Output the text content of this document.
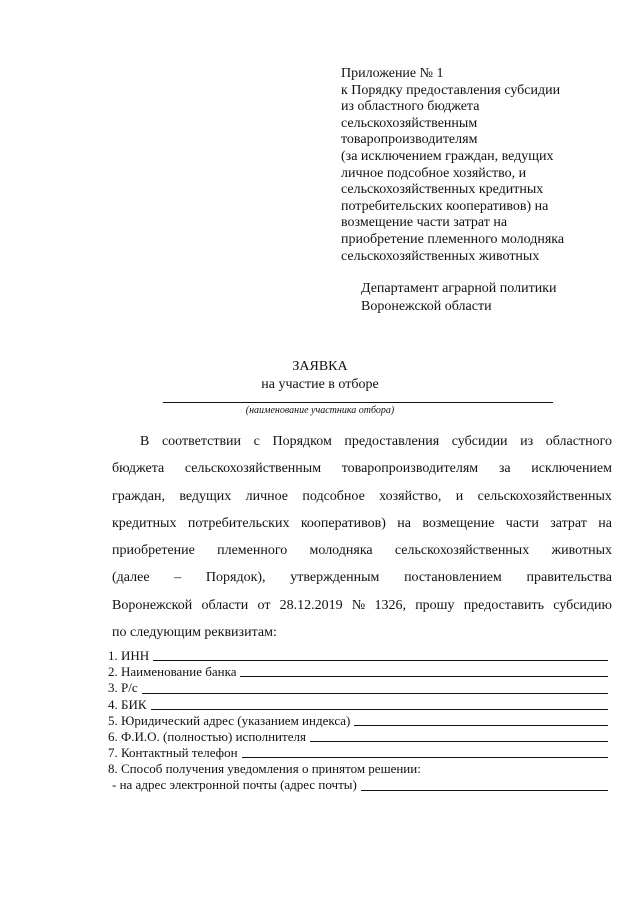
Приложение № 1
к Порядку предоставления субсидии
из областного бюджета
сельскохозяйственным
товаропроизводителям
(за исключением граждан, ведущих
личное подсобное хозяйство, и
сельскохозяйственных кредитных
потребительских кооперативов) на
возмещение части затрат на
приобретение племенного молодняка
сельскохозяйственных животных
Департамент аграрной политики
Воронежской области
ЗАЯВКА
на участие в отборе
(наименование участника отбора)
В соответствии с Порядком предоставления субсидии из областного
бюджета сельскохозяйственным товаропроизводителям за исключением
граждан, ведущих личное подсобное хозяйство, и сельскохозяйственных
кредитных потребительских кооперативов) на возмещение части затрат на
приобретение племенного молодняка сельскохозяйственных животных
(далее – Порядок), утвержденным постановлением правительства
Воронежской области от 28.12.2019 № 1326, прошу предоставить субсидию
по следующим реквизитам:
1. ИНН
2. Наименование банка
3. Р/с
4. БИК
5. Юридический адрес (указанием индекса)
6. Ф.И.О. (полностью) исполнителя
7. Контактный телефон
8. Способ получения уведомления о принятом решении:
- на адрес электронной почты (адрес почты)
